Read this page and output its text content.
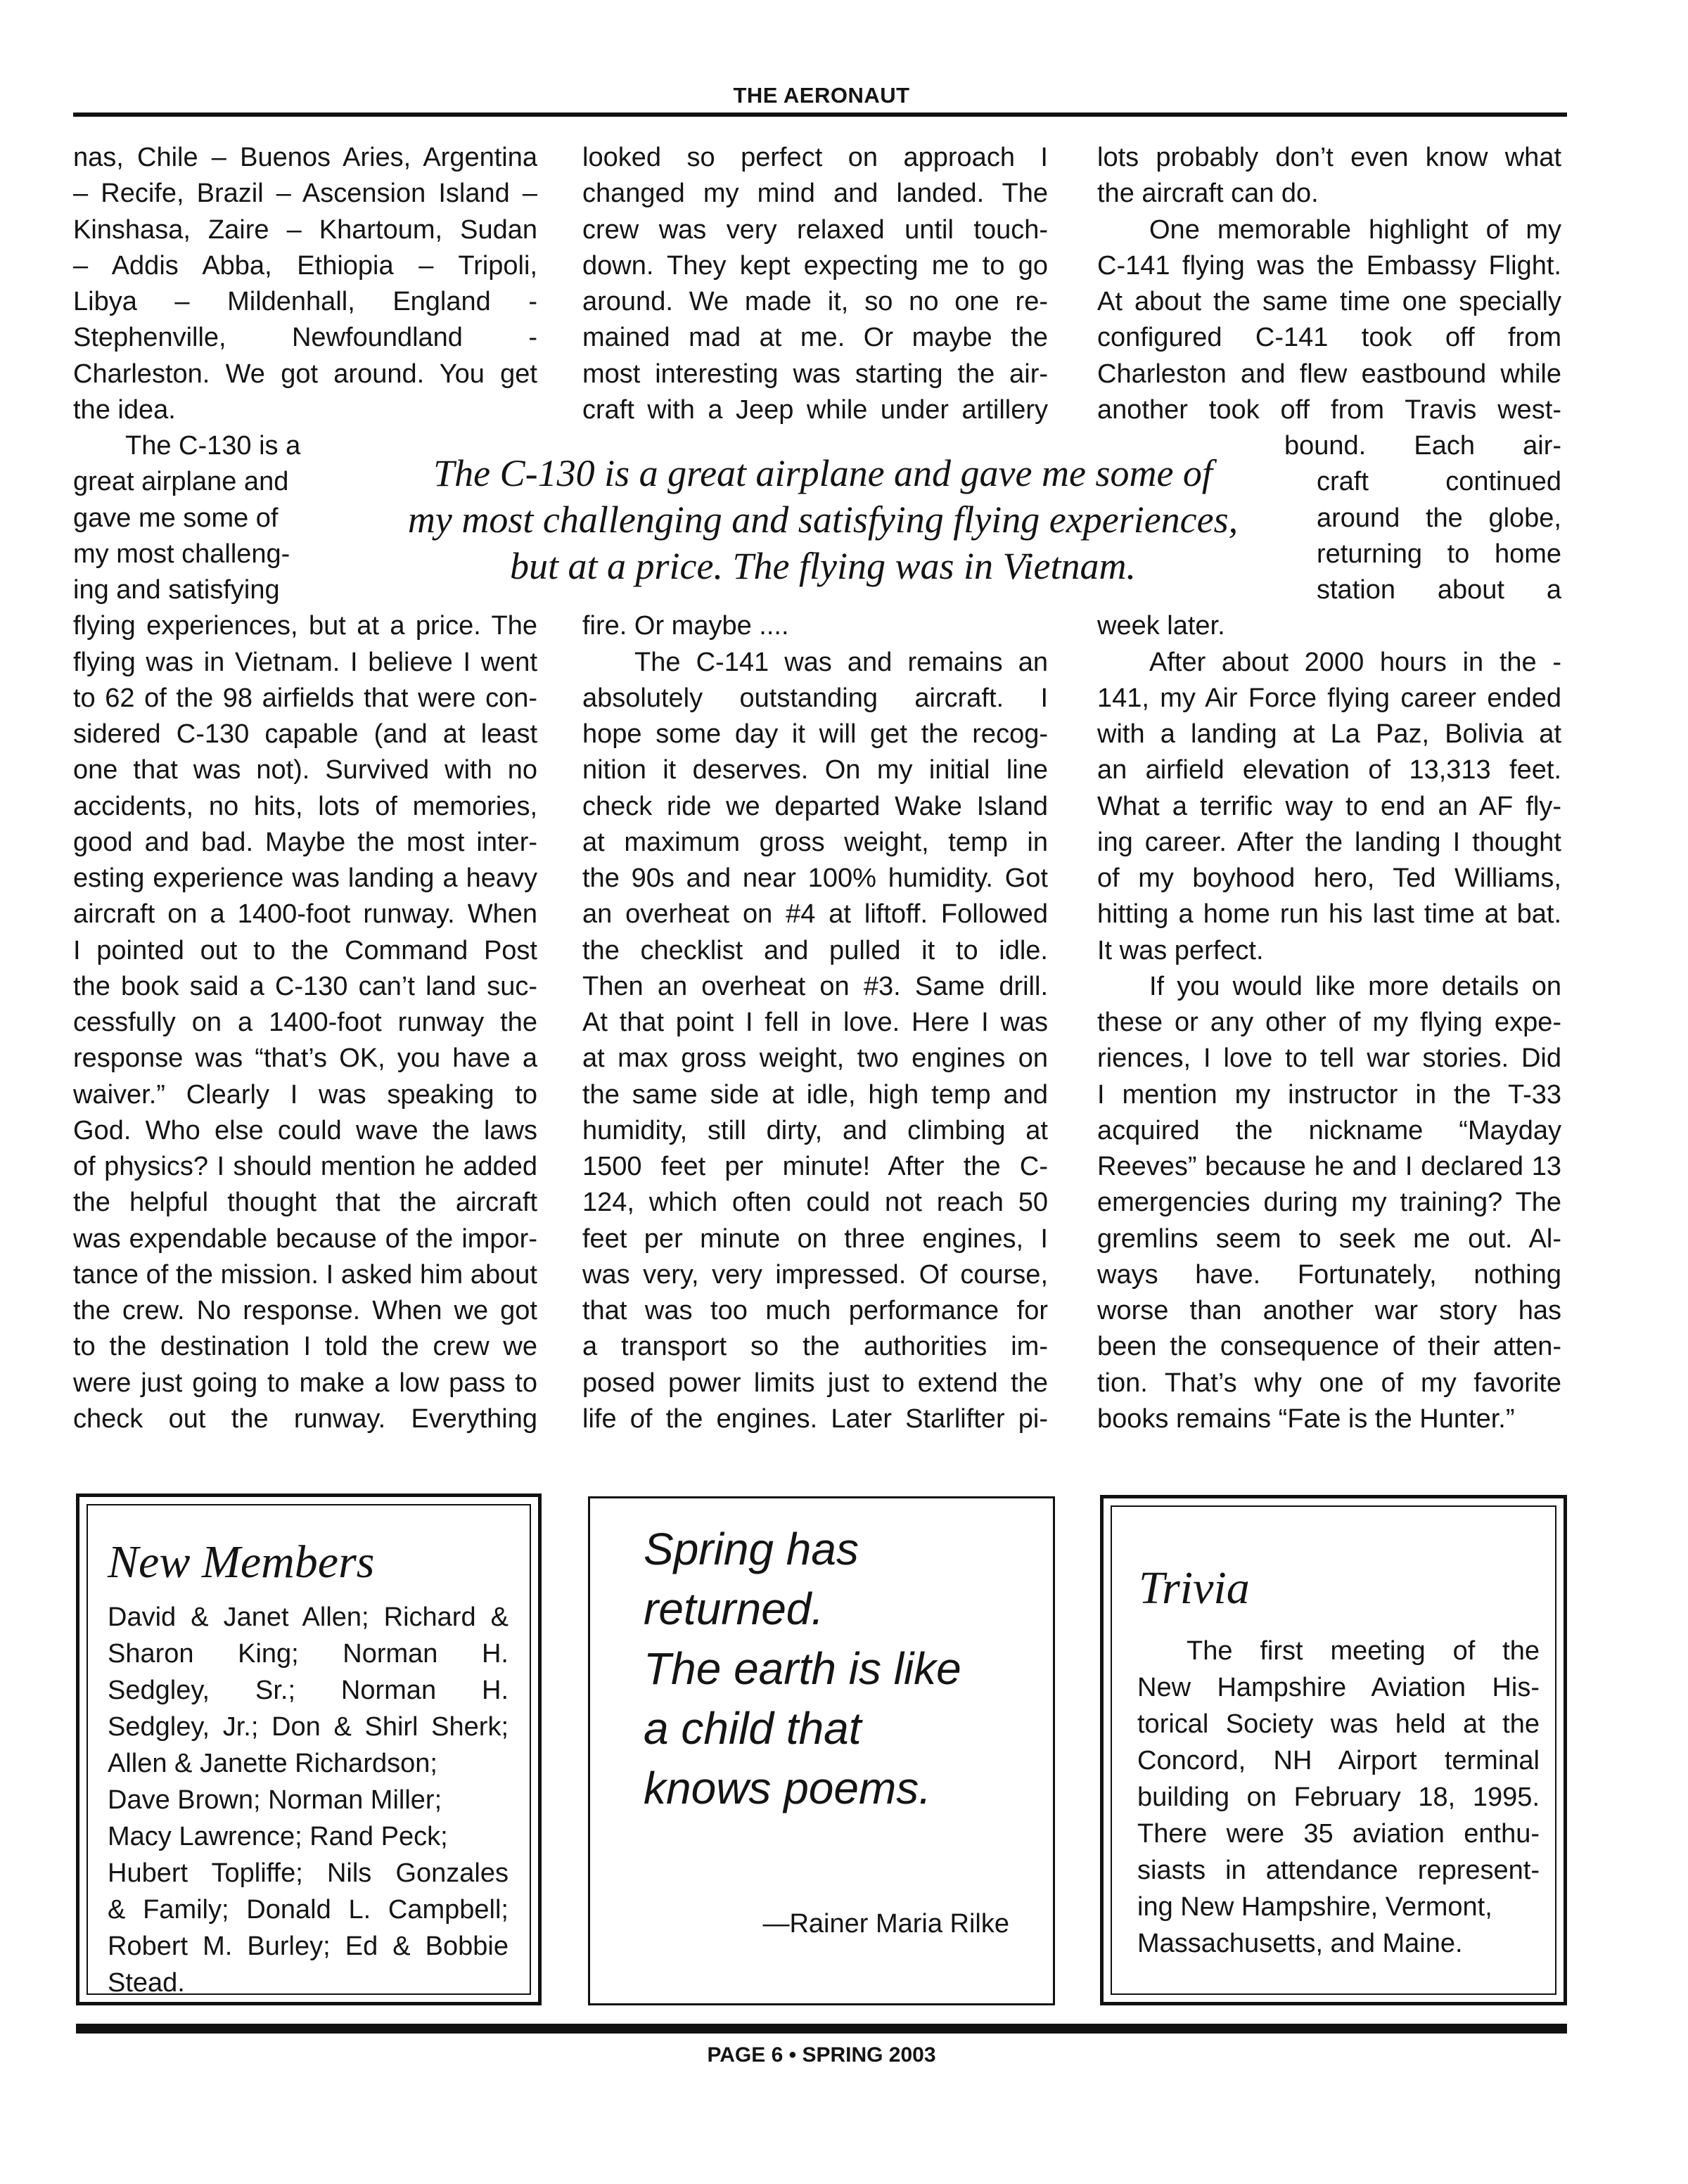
THE AERONAUT
nas, Chile – Buenos Aries, Argentina
– Recife, Brazil – Ascension Island –
Kinshasa, Zaire – Khartoum, Sudan
– Addis Abba, Ethiopia – Tripoli,
Libya  –  Mildenhall,  England  -
Stephenville,  Newfoundland  -
Charleston. We got around. You get
the idea.
The C-130 is a
great airplane and
gave me some of
my most challeng-
ing and satisfying
flying experiences, but at a price. The
flying was in Vietnam. I believe I went
to 62 of the 98 airfields that were con-
sidered C-130 capable (and at least
one that was not). Survived with no
accidents, no hits, lots of memories,
good and bad. Maybe the most inter-
esting experience was landing a heavy
aircraft on a 1400-foot runway. When
I pointed out to the Command Post
the book said a C-130 can’t land suc-
cessfully on a 1400-foot runway the
response was “that’s OK, you have a
waiver.” Clearly I was speaking to
God. Who else could wave the laws
of physics? I should mention he added
the helpful thought that the aircraft
was expendable because of the impor-
tance of the mission. I asked him about
the crew. No response. When we got
to the destination I told the crew we
were just going to make a low pass to
check out the runway. Everything
looked so perfect on approach I
changed my mind and landed. The
crew was very relaxed until touch-
down. They kept expecting me to go
around. We made it, so no one re-
mained mad at me. Or maybe the
most interesting was starting the air-
craft with a Jeep while under artillery
fire. Or maybe ....
The C-141 was and remains an
absolutely outstanding aircraft. I
hope some day it will get the recog-
nition it deserves. On my initial line
check ride we departed Wake Island
at maximum gross weight, temp in
the 90s and near 100% humidity. Got
an overheat on #4 at liftoff. Followed
the checklist and pulled it to idle.
Then an overheat on #3. Same drill.
At that point I fell in love. Here I was
at max gross weight, two engines on
the same side at idle, high temp and
humidity, still dirty, and climbing at
1500 feet per minute! After the C-
124, which often could not reach 50
feet per minute on three engines, I
was very, very impressed. Of course,
that was too much performance for
a transport so the authorities im-
posed power limits just to extend the
life of the engines. Later Starlifter pi-
lots probably don’t even know what
the aircraft can do.
One memorable highlight of my
C-141 flying was the Embassy Flight.
At about the same time one specially
configured C-141 took off from
Charleston and flew eastbound while
another took off from Travis west-
bound. Each air-
craft continued
around the globe,
returning to home
station about a
week later.
After about 2000 hours in the -
141, my Air Force flying career ended
with a landing at La Paz, Bolivia at
an airfield elevation of 13,313 feet.
What a terrific way to end an AF fly-
ing career. After the landing I thought
of my boyhood hero, Ted Williams,
hitting a home run his last time at bat.
It was perfect.
If you would like more details on
these or any other of my flying expe-
riences, I love to tell war stories. Did
I mention my instructor in the T-33
acquired the nickname “Mayday
Reeves” because he and I declared 13
emergencies during my training? The
gremlins seem to seek me out. Al-
ways have. Fortunately, nothing
worse than another war story has
been the consequence of their atten-
tion. That’s why one of my favorite
books remains “Fate is the Hunter.”
The C-130 is a great airplane and gave me some of
my most challenging and satisfying flying experiences,
but at a price. The flying was in Vietnam.
New Members
David & Janet Allen; Richard &
Sharon King; Norman H.
Sedgley, Sr.; Norman H.
Sedgley, Jr.; Don & Shirl Sherk;
Allen & Janette Richardson;
Dave Brown; Norman Miller;
Macy Lawrence; Rand Peck;
Hubert Topliffe; Nils Gonzales
& Family; Donald L. Campbell;
Robert M. Burley; Ed & Bobbie
Stead.
Spring has
returned.
The earth is like
a child that
knows poems.
—Rainer Maria Rilke
Trivia
The first meeting of the
New Hampshire Aviation His-
torical Society was held at the
Concord, NH Airport terminal
building on February 18, 1995.
There were 35 aviation enthu-
siasts in attendance represent-
ing New Hampshire, Vermont,
Massachusetts, and Maine.
PAGE 6 • SPRING 2003
